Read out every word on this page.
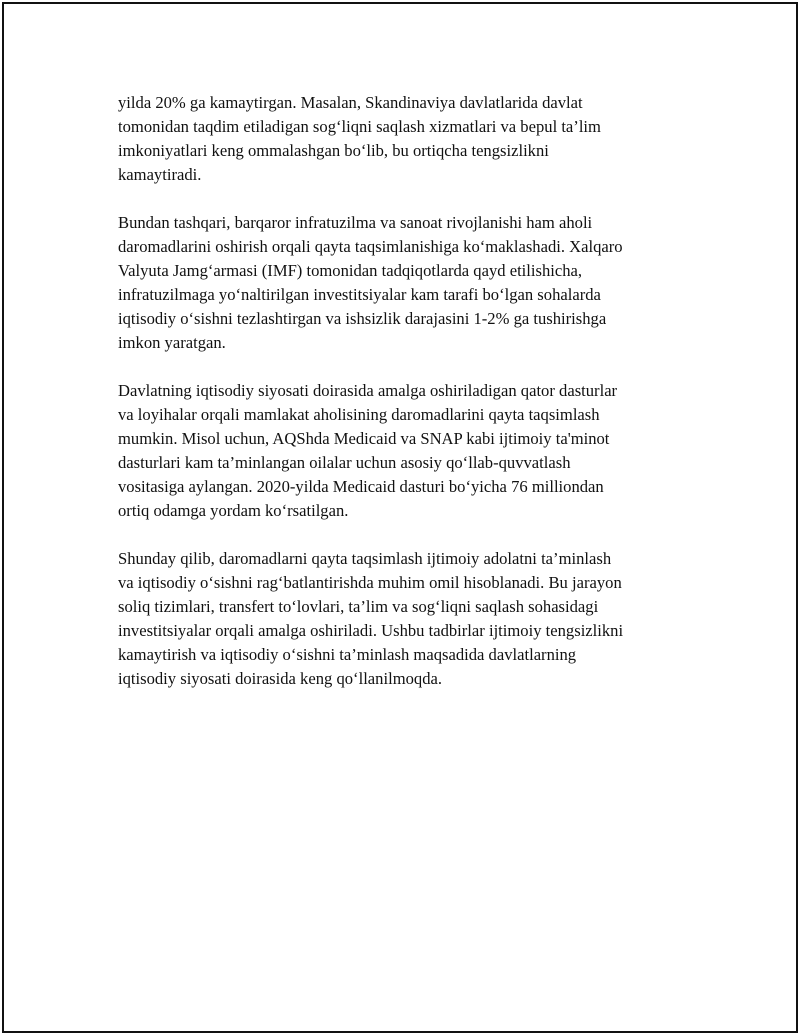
yilda 20% ga kamaytirgan. Masalan, Skandinaviya davlatlarida davlat
tomonidan taqdim etiladigan sog‘liqni saqlash xizmatlari va bepul ta’lim
imkoniyatlari keng ommalashgan bo‘lib, bu ortiqcha tengsizlikni
kamaytiradi.

Bundan tashqari, barqaror infratuzilma va sanoat rivojlanishi ham aholi
daromadlarini oshirish orqali qayta taqsimlanishiga ko‘maklashadi. Xalqaro
Valyuta Jamg‘armasi (IMF) tomonidan tadqiqotlarda qayd etilishicha,
infratuzilmaga yo‘naltirilgan investitsiyalar kam tarafi bo‘lgan sohalarda
iqtisodiy o‘sishni tezlashtirgan va ishsizlik darajasini 1-2% ga tushirishga
imkon yaratgan.

Davlatning iqtisodiy siyosati doirasida amalga oshiriladigan qator dasturlar
va loyihalar orqali mamlakat aholisining daromadlarini qayta taqsimlash
mumkin. Misol uchun, AQShda Medicaid va SNAP kabi ijtimoiy ta'minot
dasturlari kam ta’minlangan oilalar uchun asosiy qo‘llab-quvvatlash
vositasiga aylangan. 2020-yilda Medicaid dasturi bo‘yicha 76 milliondan
ortiq odamga yordam ko‘rsatilgan.

Shunday qilib, daromadlarni qayta taqsimlash ijtimoiy adolatni ta’minlash
va iqtisodiy o‘sishni rag‘batlantirishda muhim omil hisoblanadi. Bu jarayon
soliq tizimlari, transfert to‘lovlari, ta’lim va sog‘liqni saqlash sohasidagi
investitsiyalar orqali amalga oshiriladi. Ushbu tadbirlar ijtimoiy tengsizlikni
kamaytirish va iqtisodiy o‘sishni ta’minlash maqsadida davlatlarning
iqtisodiy siyosati doirasida keng qo‘llanilmoqda.
